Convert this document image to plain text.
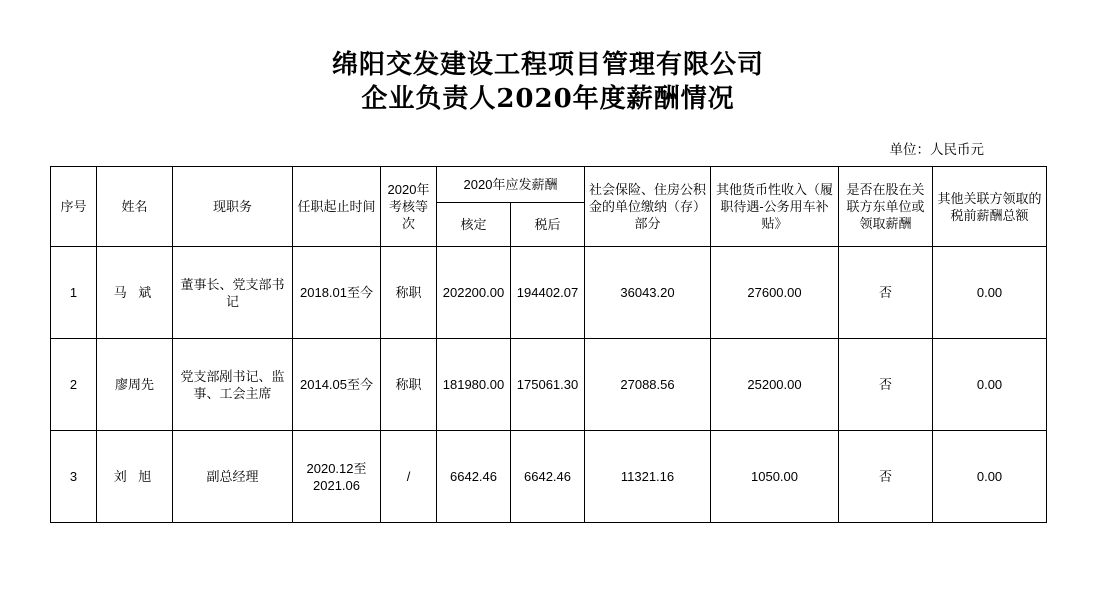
绵阳交发建设工程项目管理有限公司
企业负责人2020年度薪酬情况
单位：人民币元
序号	姓名	现职务	任职起止时间	2020年考核等次	2020年应发薪酬		社会保险、住房公积金的单位缴纳（存）部分	其他货币性收入（履职待遇-公务用车补贴》	是否在股在关联方东单位或领取薪酬	其他关联方领取的税前薪酬总额
					核定	税后				
1	马 斌	董事长、党支部书记	2018.01至今	称职	202200.00	194402.07	36043.20	27600.00	否	0.00
2	廖周先	党支部剐书记、监事、工会主席	2014.05至今	称职	181980.00	175061.30	27088.56	25200.00	否	0.00
3	刘 旭	副总经理	2020.12至2021.06	/	6642.46	6642.46	11321.16	1050.00	否	0.00
